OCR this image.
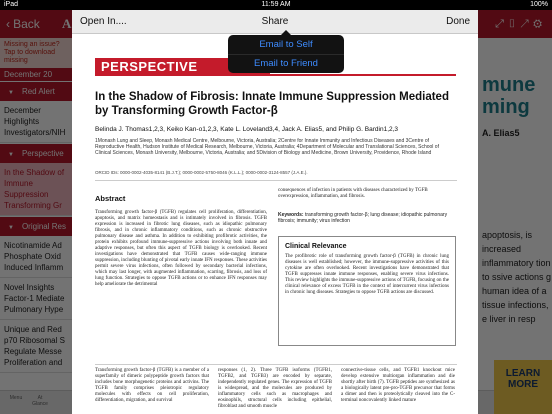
iPad	11:59 AM	100%
▼
▼
▼
Open In....	Share	Done
PERSPECTIVE
In the Shadow of Fibrosis: Innate Immune Suppression Mediated by Transforming Growth Factor-β
Belinda J. Thomas1,2,3, Keiko Kan-o1,2,3, Kate L. Loveland3,4, Jack A. Elias5, and Philip G. Bardin1,2,3
1Monash Lung and Sleep, Monash Medical Centre, Melbourne, Victoria, Australia; 2Centre for Innate Immunity and Infectious Diseases and 3Centre of Reproductive Health, Hudson Institute of Medical Research, Melbourne, Victoria, Australia; 4Department of Molecular and Translational Sciences, School of Clinical Sciences, Monash University, Melbourne, Victoria, Australia; and 5Division of Biology and Medicine, Brown University, Providence, Rhode Island
ORCID IDs: 0000-0002-4035-8141 (B.J.T.); 0000-0002-5750-8046 (K.L.L.); 0000-0002-3124-8557 (J.A.E.).
Abstract
Transforming growth factor-β (TGFB) regulates cell proliferation, differentiation, apoptosis, and matrix homeostasis and is intimately involved in fibrosis. TGFB expression is increased in fibrotic lung diseases, such as idiopathic pulmonary fibrosis, and in chronic inflammatory conditions, such as chronic obstructive pulmonary disease and asthma. In addition to exhibiting profibrotic activities, the protein exhibits profound immune-suppressive actions involving both innate and adaptive responses, but often this aspect of TGFB biology is overlooked. Recent investigations have demonstrated that TGFB causes wide-ranging immune suppression, including blunting of pivotal early innate IFN responses. These activities permit severe virus infections, often followed by secondary bacterial infections, which may last longer, with augmented inflammation, scarring, fibrosis, and loss of lung function. Strategies to oppose TGFB actions or to enhance IFN responses may help ameliorate the detrimental
consequences of infection in patients with diseases characterized by TGFB overexpression, inflammation, and fibrosis.
Keywords: transforming growth factor-β; lung disease; idiopathic pulmonary fibrosis; immunity; virus infection
Clinical Relevance
The profibrotic role of transforming growth factor-β (TGFB) in chronic lung diseases is well established; however, the immune-suppressive activities of this cytokine are often overlooked. Recent investigations have demonstrated that TGFB suppresses innate immune responses, enabling severe virus infections. This review highlights the immune-suppressive actions of TGFB, focusing on the clinical relevance of excess TGFB in the context of intercurrent virus infections in chronic lung diseases. Strategies to oppose TGFB actions are discussed.
Transforming growth factor-β (TGFB) is a member of a superfamily of dimeric polypeptide growth factors that includes bone morphogenetic proteins and activins. The TGFB family comprises pleiotropic regulatory molecules with effects on cell proliferation, differentiation, migration, and survival
responses (1, 2). Three TGFB isoforms (TGFB1, TGFB2, and TGFB3) are encoded by separate, independently regulated genes. The expression of TGFB is widespread, and the molecules are produced by inflammatory cells such as macrophages and eosinophils, structural cells including epithelial, fibroblast and smooth muscle
connective-tissue cells, and TGFB1 knockout mice develop extensive multiorgan inflammation and die shortly after birth (7). TGFB peptides are synthesized as a biologically latent pre-pro-TGFB precursor that forms a dimer and then is proteolytically cleaved into the C-terminal noncovalently linked mature
Email to Self
Email to Friend
